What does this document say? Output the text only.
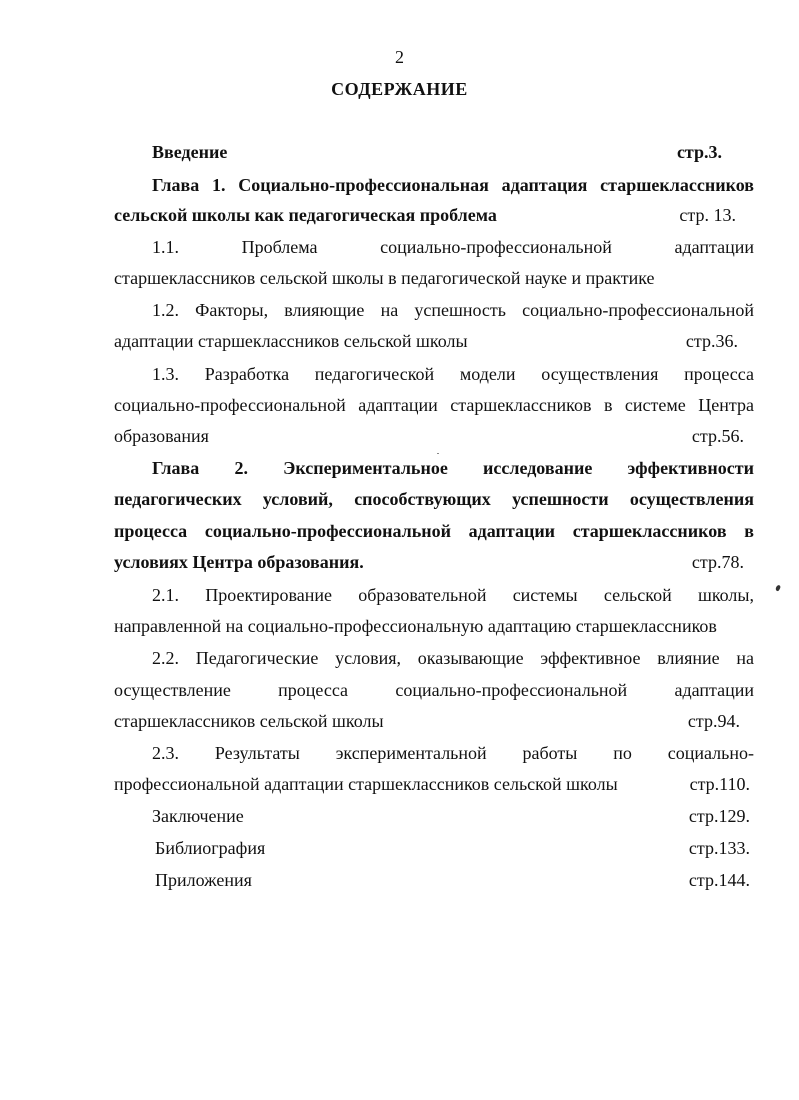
2
СОДЕРЖАНИЕ
Введение	стр.3.
Глава 1. Социально-профессиональная адаптация старшеклассников
сельской школы как педагогическая проблема	стр. 13.
1.1.	Проблема	социально-профессиональной	адаптации
старшеклассников сельской школы в педагогической науке и практике
1.2. Факторы, влияющие на успешность социально-профессиональной
адаптации старшеклассников сельской школы	стр.36.
1.3. Разработка педагогической модели осуществления процесса
социально-профессиональной адаптации старшеклассников в системе Центра
образования	стр.56.
Глава 2. Экспериментальное исследование эффективности
педагогических условий, способствующих успешности осуществления
процесса социально-профессиональной адаптации старшеклассников в
условиях Центра образования.	стр.78.
2.1. Проектирование образовательной системы сельской школы,
направленной на социально-профессиональную адаптацию старшеклассников
2.2. Педагогические условия, оказывающие эффективное влияние на
осуществление	процесса	социально-профессиональной	адаптации
старшеклассников сельской школы	стр.94.
2.3. Результаты экспериментальной работы по социально-
профессиональной адаптации старшеклассников сельской школы	стр.110.
Заключение	стр.129.
Библиография	стр.133.
Приложения	стр.144.
